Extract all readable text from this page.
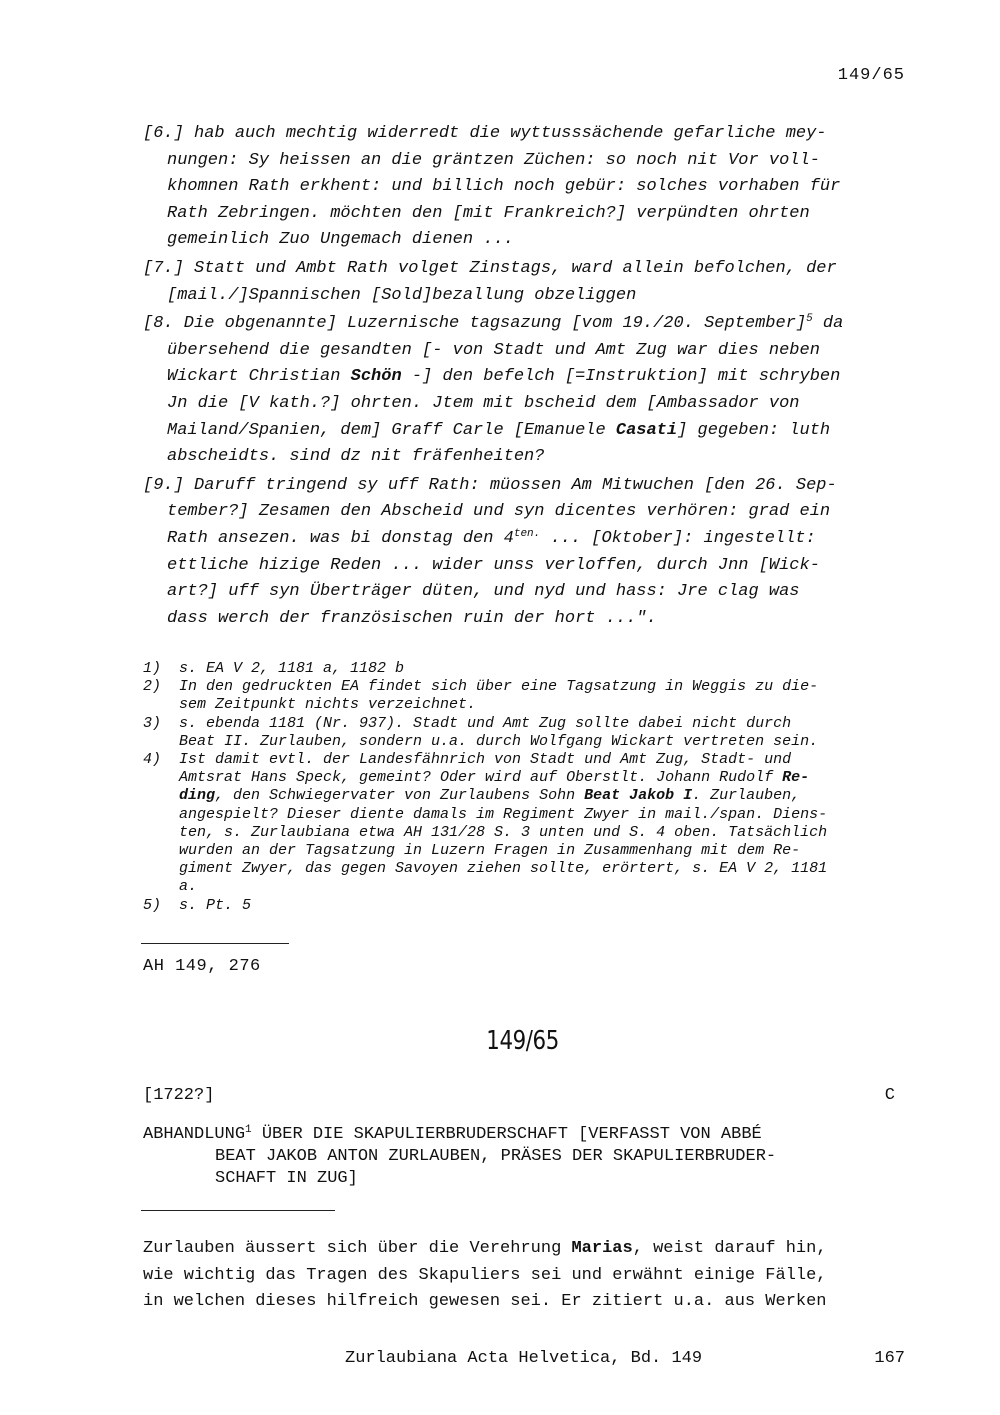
149/65
[6.] hab auch mechtig widerredt die wyttusssächende gefarliche mey-
nungen: Sy heissen an die gräntzen Züchen: so noch nit Vor voll-
khomnen Rath erkhent: und billich noch gebür: solches vorhaben für
Rath Zebringen. möchten den [mit Frankreich?] verpündten ohrten
gemeinlich Zuo Ungemach dienen ...
[7.] Statt und Ambt Rath volget Zinstags, ward allein befolchen, der
[mail./]Spannischen [Sold]bezallung obzeliggen
[8. Die obgenannte] Luzernische tagsazung [vom 19./20. September]$^5$ da
übersehend die gesandten [- von Stadt und Amt Zug war dies neben
Wickart Christian Schön -] den befelch [=Instruktion] mit schryben
Jn die [V kath.?] ohrten. Jtem mit bscheid dem [Ambassador von
Mailand/Spanien, dem] Graff Carle [Emanuele Casati] gegeben: luth
abscheidts. sind dz nit fräfenheiten?
[9.] Daruff tringend sy uff Rath: müossen Am Mitwuchen [den 26. Sep-
tember?] Zesamen den Abscheid und syn dicentes verhören: grad ein
Rath ansezen. was bi donstag den $4^{ten.}$ ... [Oktober]: ingestellt:
ettliche hizige Reden ... wider unss verloffen, durch Jnn [Wick-
art?] uff syn Überträger düten, und nyd und hass: Jre clag was
dass werch der französischen ruin der hort ...".
1) s. EA V 2, 1181 a, 1182 b
2) In den gedruckten EA findet sich über eine Tagsatzung in Weggis zu die-
sem Zeitpunkt nichts verzeichnet.
3) s. ebenda 1181 (Nr. 937). Stadt und Amt Zug sollte dabei nicht durch
Beat II. Zurlauben, sondern u.a. durch Wolfgang Wickart vertreten sein.
4) Ist damit evtl. der Landesfähnrich von Stadt und Amt Zug, Stadt- und
Amtsrat Hans Speck, gemeint? Oder wird auf Oberstlt. Johann Rudolf Re-
ding, den Schwiegervater von Zurlaubens Sohn Beat Jakob I. Zurlauben,
angespielt? Dieser diente damals im Regiment Zwyer in mail./span. Diens-
ten, s. Zurlaubiana etwa AH 131/28 S. 3 unten und S. 4 oben. Tatsächlich
wurden an der Tagsatzung in Luzern Fragen in Zusammenhang mit dem Re-
giment Zwyer, das gegen Savoyen ziehen sollte, erörtert, s. EA V 2, 1181
a.
5) s. Pt. 5
AH 149, 276
149/65
[1722?]	C
ABHANDLUNG$^1$ ÜBER DIE SKAPULIERBRUDERSCHAFT [VERFASST VON ABBÉ
BEAT JAKOB ANTON ZURLAUBEN, PRÄSES DER SKAPULIERBRUDER-
SCHAFT IN ZUG]
Zurlauben äussert sich über die Verehrung Marias, weist darauf hin,
wie wichtig das Tragen des Skapuliers sei und erwähnt einige Fälle,
in welchen dieses hilfreich gewesen sei. Er zitiert u.a. aus Werken
Zurlaubiana Acta Helvetica, Bd. 149	167
